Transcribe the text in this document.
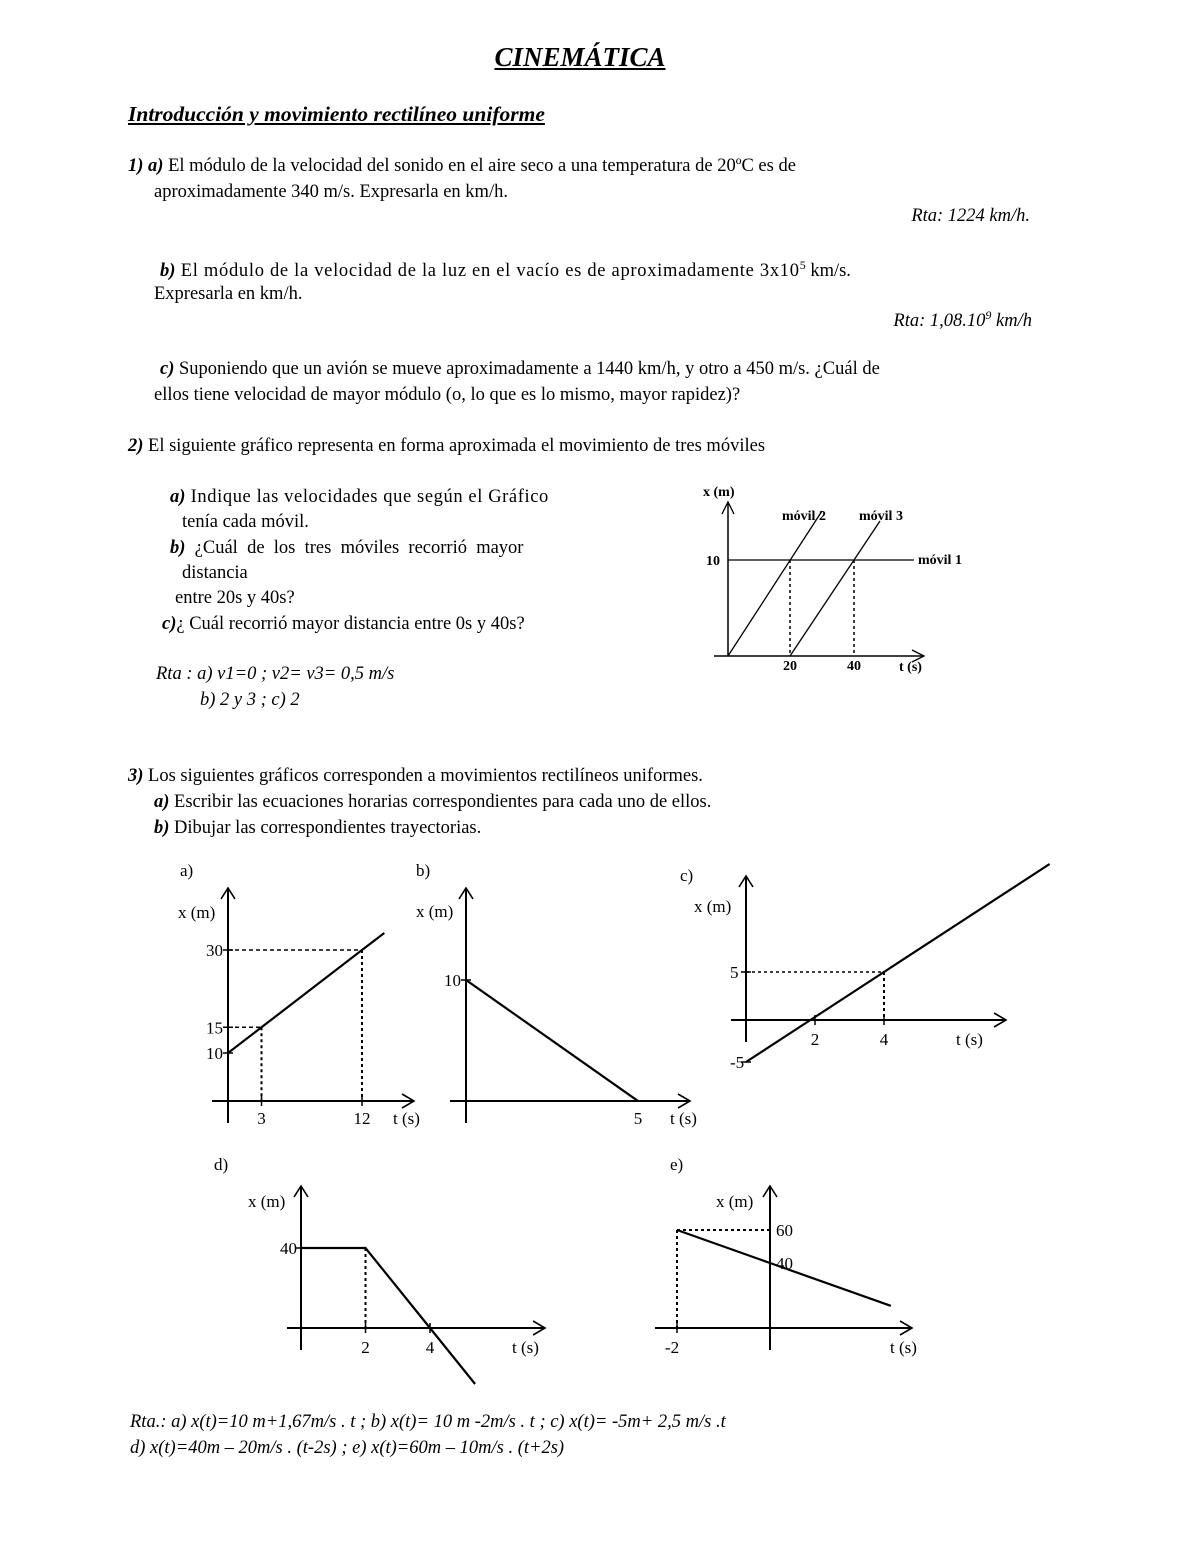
CINEMÁTICA
Introducción y movimiento rectilíneo uniforme
1) a) El módulo de la velocidad del sonido en el aire seco a una temperatura de 20ºC es de
aproximadamente 340 m/s. Expresarla en km/h.
Rta: 1224 km/h.
b) El módulo de la velocidad de la luz en el vacío es de aproximadamente $3x10^5$ km/s.
Expresarla en km/h.
Rta: 1,08.10$^9$ km/h
c) Suponiendo que un avión se mueve aproximadamente a 1440 km/h, y otro a 450 m/s. ¿Cuál de
ellos tiene velocidad de mayor módulo (o, lo que es lo mismo, mayor rapidez)?
2) El siguiente gráfico representa en forma aproximada el movimiento de tres móviles
a) Indique las velocidades que según el Gráfico
tenía cada móvil.
b)  ¿Cuál  de  los  tres  móviles  recorrió  mayor
distancia
entre 20s y 40s?
c)¿ Cuál recorrió mayor distancia entre 0s y 40s?
Rta : a) v1=0 ; v2= v3= 0,5 m/s
b) 2 y 3 ; c) 2
x (m)
t (s)
10
20	40
móvil 1
móvil 2 móvil 3
3) Los siguientes gráficos corresponden a movimientos rectilíneos uniformes.
a) Escribir las ecuaciones horarias correspondientes para cada uno de ellos.
b) Dibujar las correspondientes trayectorias.
a)
x (m)
t (s)
3	12
10
15
30
b)
x (m)
t (s)
5
10
c)
x (m)
t (s)
2	4
5
-5
d)
x (m)
t (s)
2	4
40
e)
x (m)
t (s)
-2
60
40
Rta.: a) x(t)=10 m+1,67m/s . t ; b) x(t)= 10 m -2m/s . t ; c) x(t)= -5m+ 2,5 m/s .t
d) x(t)=40m – 20m/s . (t-2s) ; e) x(t)=60m – 10m/s . (t+2s)
